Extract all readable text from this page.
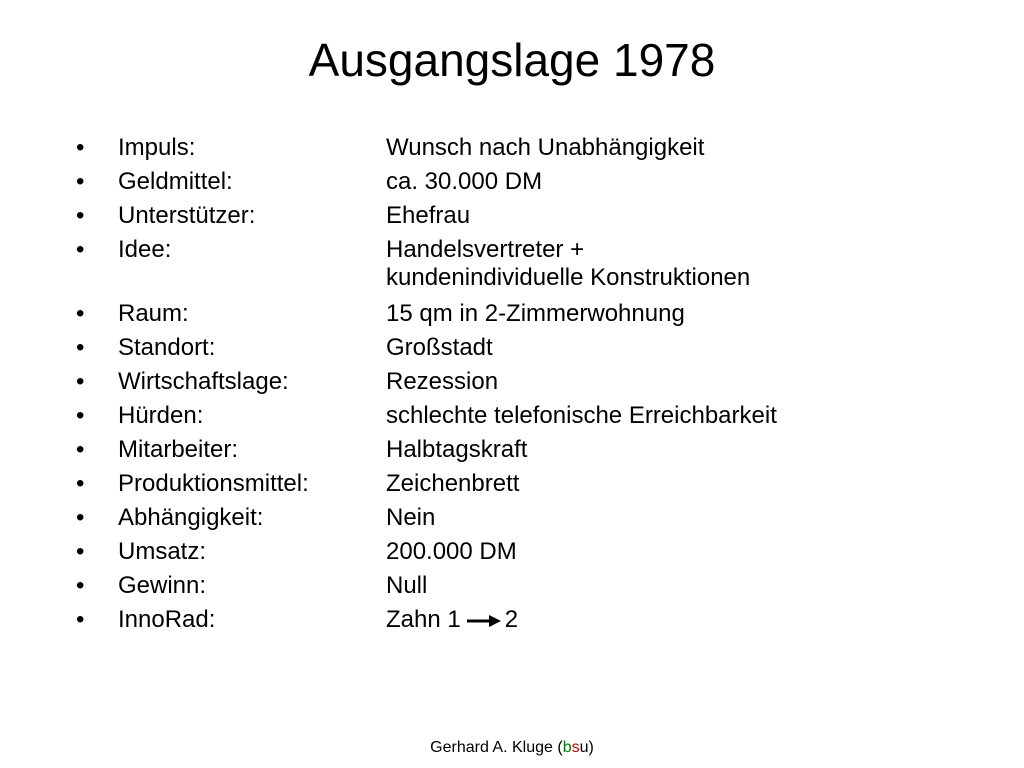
Ausgangslage 1978
•	Impuls:	Wunsch nach Unabhängigkeit
•	Geldmittel:	ca. 30.000 DM
•	Unterstützer:	Ehefrau
•	Idee:	Handelsvertreter +
kundenindividuelle Konstruktionen
•	Raum:	15 qm in 2-Zimmerwohnung
•	Standort:	Großstadt
•	Wirtschaftslage:	Rezession
•	Hürden:	schlechte telefonische Erreichbarkeit
•	Mitarbeiter:	Halbtagskraft
•	Produktionsmittel:	Zeichenbrett
•	Abhängigkeit:	Nein
•	Umsatz:	200.000 DM
•	Gewinn:	Null
•	InnoRad:	Zahn 1 2
Gerhard A. Kluge (bsu)
